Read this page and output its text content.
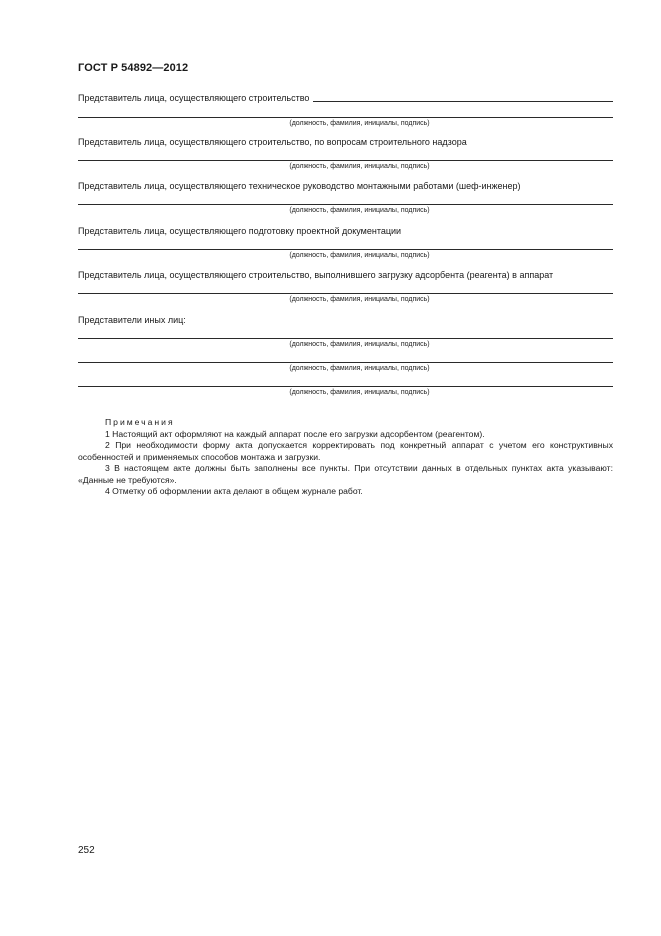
ГОСТ Р 54892—2012
Представитель лица, осуществляющего строительство
(должность, фамилия, инициалы, подпись)
Представитель лица, осуществляющего строительство, по вопросам строительного надзора
(должность, фамилия, инициалы, подпись)
Представитель лица, осуществляющего техническое руководство монтажными работами (шеф-инженер)
(должность, фамилия, инициалы, подпись)
Представитель лица, осуществляющего подготовку проектной документации
(должность, фамилия, инициалы, подпись)
Представитель лица, осуществляющего строительство, выполнившего загрузку адсорбента (реагента) в аппарат
(должность, фамилия, инициалы, подпись)
Представители иных лиц:
(должность, фамилия, инициалы, подпись)
(должность, фамилия, инициалы, подпись)
(должность, фамилия, инициалы, подпись)
Примечания
1 Настоящий акт оформляют на каждый аппарат после его загрузки адсорбентом (реагентом).
2 При необходимости форму акта допускается корректировать под конкретный аппарат с учетом его конструктивных особенностей и применяемых способов монтажа и загрузки.
3 В настоящем акте должны быть заполнены все пункты. При отсутствии данных в отдельных пунктах акта указывают: «Данные не требуются».
4 Отметку об оформлении акта делают в общем журнале работ.
252
